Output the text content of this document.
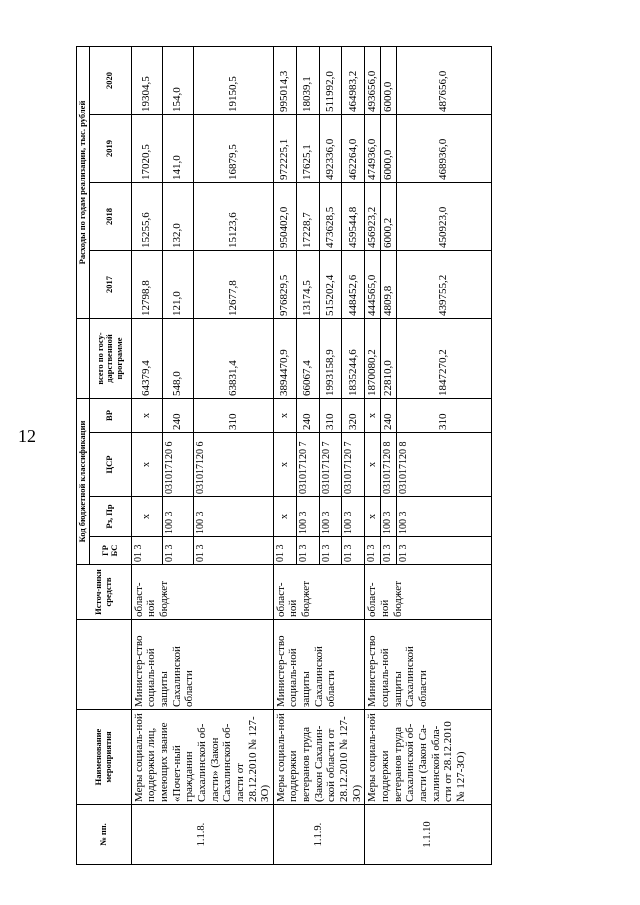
12
№ пп.	Наименование мероприятия		Источ-ники средств	Код бюджетной классификации					Расходы по годам реализации, тыс. рублей			
				ГР БС	Рз, Пр	ЦСР	ВР	всего по госу-дарственной программе	2017	2018	2019	2020
1.1.8.	Меры социаль-ной поддержки лиц, имеющих звание «Почет-ный гражданин Сахалинской об-ласти» (Закон Сахалинской об-ласти от 28.12.2010 № 127-ЗО)	Министер-ство социаль-ной защиты Сахалинской области	област-ной бюджет	01 3	х	х	х	64379,4	12798,8	15255,6	17020,5	19304,5
				01 3	100 3	031017120 6	240	548,0	121,0	132,0	141,0	154,0
				01 3	100 3	031017120 6	310	63831,4	12677,8	15123,6	16879,5	19150,5
1.1.9.	Меры социаль-ной поддержки ветеранов труда (Закон Сахалин-ской области от 28.12.2010 № 127-ЗО)	Министер-ство социаль-ной защиты Сахалинской области	област-ной бюджет	01 3	х	х	х	3894470,9	976829,5	950402,0	972225,1	995014,3
				01 3	100 3	031017120 7	240	66067,4	13174,5	17228,7	17625,1	18039,1
				01 3	100 3	031017120 7	310	1993158,9	515202,4	473628,5	492336,0	511992,0
				01 3	100 3	031017120 7	320	1835244,6	448452,6	459544,8	462264,0	464983,2
1.1.10	Меры социаль-ной поддержки ветеранов труда Сахалинской об-ласти (Закон Са-халинской обла-сти от 28.12.2010 № 127-ЗО)	Министер-ство социаль-ной защиты Сахалинской области	област-ной бюджет	01 3	х	х	х	1870080,2	444565,0	456923,2	474936,0	493656,0
				01 3	100 3	031017120 8	240	22810,0	4809,8	6000,2	6000,0	6000,0
				01 3	100 3	031017120 8	310	1847270,2	439755,2	450923,0	468936,0	487656,0
